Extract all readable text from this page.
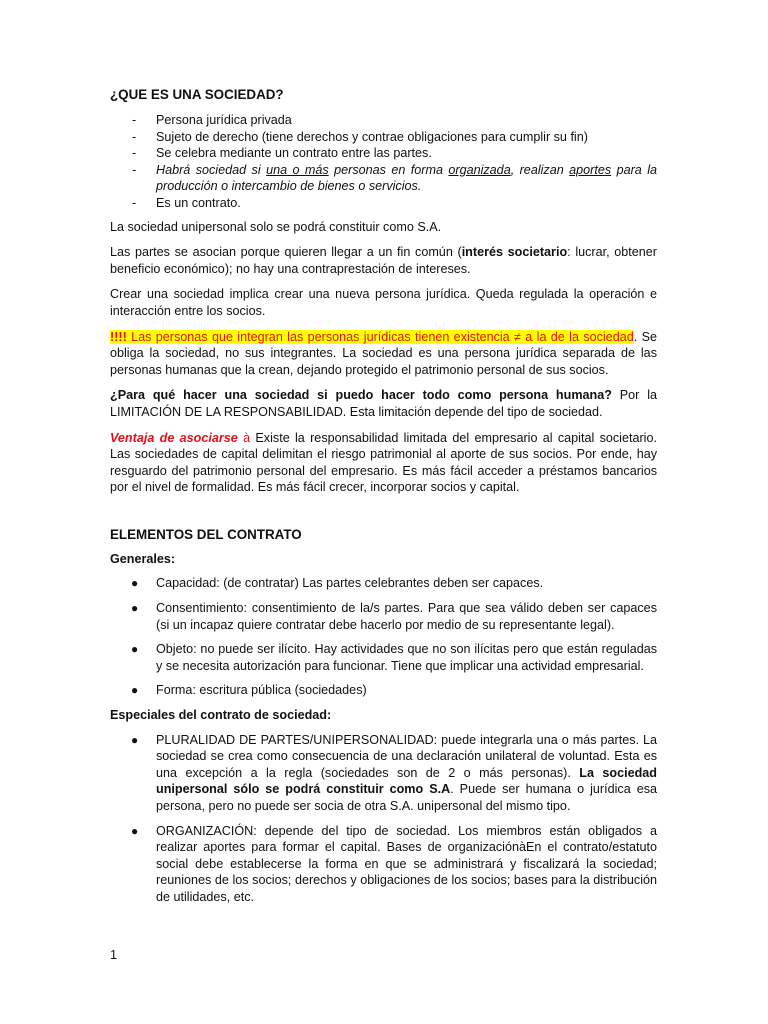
¿QUE ES UNA SOCIEDAD?
- Persona jurídica privada
- Sujeto de derecho (tiene derechos y contrae obligaciones para cumplir su fin)
- Se celebra mediante un contrato entre las partes.
- Habrá sociedad si una o más personas en forma organizada, realizan aportes para la producción o intercambio de bienes o servicios.
- Es un contrato.

La sociedad unipersonal solo se podrá constituir como S.A.

Las partes se asocian porque quieren llegar a un fin común (interés societario: lucrar, obtener beneficio económico); no hay una contraprestación de intereses.

Crear una sociedad implica crear una nueva persona jurídica. Queda regulada la operación e interacción entre los socios.

!!!! Las personas que integran las personas jurídicas tienen existencia ≠ a la de la sociedad. Se obliga la sociedad, no sus integrantes. La sociedad es una persona jurídica separada de las personas humanas que la crean, dejando protegido el patrimonio personal de sus socios.

¿Para qué hacer una sociedad si puedo hacer todo como persona humana? Por la LIMITACIÓN DE LA RESPONSABILIDAD. Esta limitación depende del tipo de sociedad.

Ventaja de asociarse à Existe la responsabilidad limitada del empresario al capital societario. Las sociedades de capital delimitan el riesgo patrimonial al aporte de sus socios. Por ende, hay resguardo del patrimonio personal del empresario. Es más fácil acceder a préstamos bancarios por el nivel de formalidad. Es más fácil crecer, incorporar socios y capital.

ELEMENTOS DEL CONTRATO

Generales:

● Capacidad: (de contratar) Las partes celebrantes deben ser capaces.
● Consentimiento: consentimiento de la/s partes. Para que sea válido deben ser capaces (si un incapaz quiere contratar debe hacerlo por medio de su representante legal).
● Objeto: no puede ser ilícito. Hay actividades que no son ilícitas pero que están reguladas y se necesita autorización para funcionar. Tiene que implicar una actividad empresarial.
● Forma: escritura pública (sociedades)

Especiales del contrato de sociedad:

● PLURALIDAD DE PARTES/UNIPERSONALIDAD: puede integrarla una o más partes. La sociedad se crea como consecuencia de una declaración unilateral de voluntad. Esta es una excepción a la regla (sociedades son de 2 o más personas). La sociedad unipersonal sólo se podrá constituir como S.A. Puede ser humana o jurídica esa persona, pero no puede ser socia de otra S.A. unipersonal del mismo tipo.
● ORGANIZACIÓN: depende del tipo de sociedad. Los miembros están obligados a realizar aportes para formar el capital. Bases de organizaciónàEn el contrato/estatuto social debe establecerse la forma en que se administrará y fiscalizará la sociedad; reuniones de los socios; derechos y obligaciones de los socios; bases para la distribución de utilidades, etc.
1
